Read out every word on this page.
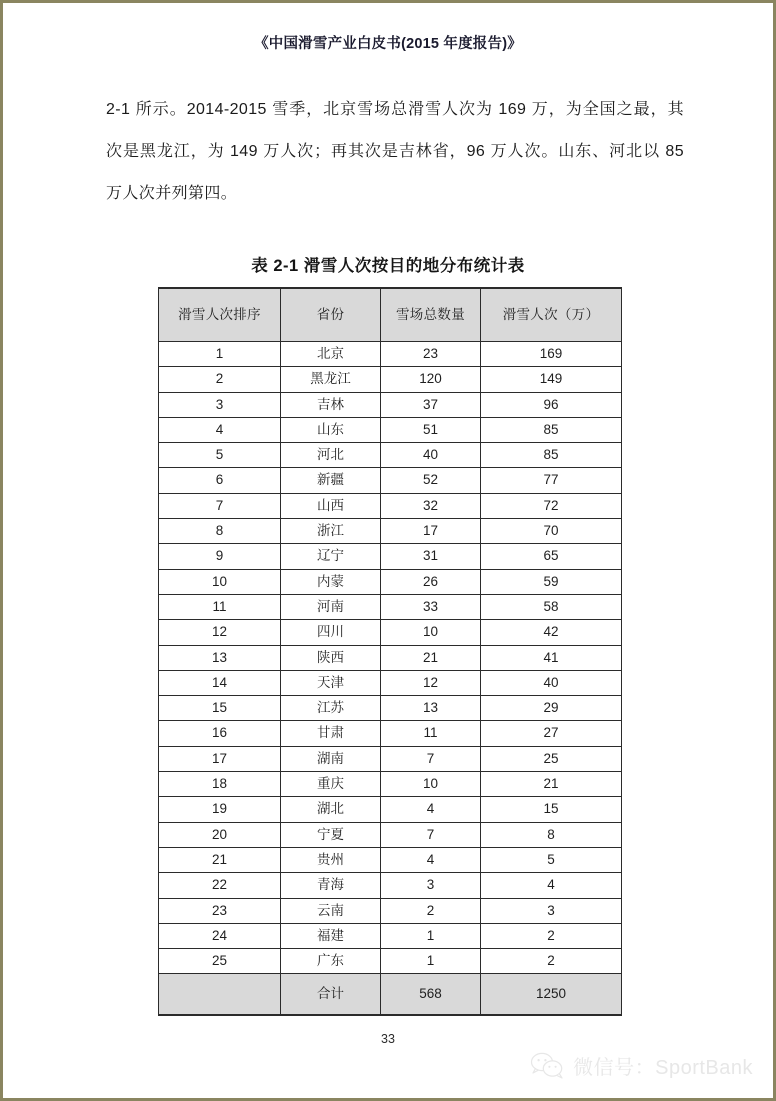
《中国滑雪产业白皮书(2015 年度报告)》

2-1 所示。2014-2015 雪季，北京雪场总滑雪人次为 169 万，为全国之最，其次是黑龙江，为 149 万人次；再其次是吉林省，96 万人次。山东、河北以 85 万人次并列第四。

表 2-1 滑雪人次按目的地分布统计表
滑雪人次排序	省份	雪场总数量	滑雪人次（万）
1	北京	23	169
2	黑龙江	120	149
3	吉林	37	96
4	山东	51	85
5	河北	40	85
6	新疆	52	77
7	山西	32	72
8	浙江	17	70
9	辽宁	31	65
10	内蒙	26	59
11	河南	33	58
12	四川	10	42
13	陕西	21	41
14	天津	12	40
15	江苏	13	29
16	甘肃	11	27
17	湖南	7	25
18	重庆	10	21
19	湖北	4	15
20	宁夏	7	8
21	贵州	4	5
22	青海	3	4
23	云南	2	3
24	福建	1	2
25	广东	1	2
	合计	568	1250
33
微信号：SportBank
